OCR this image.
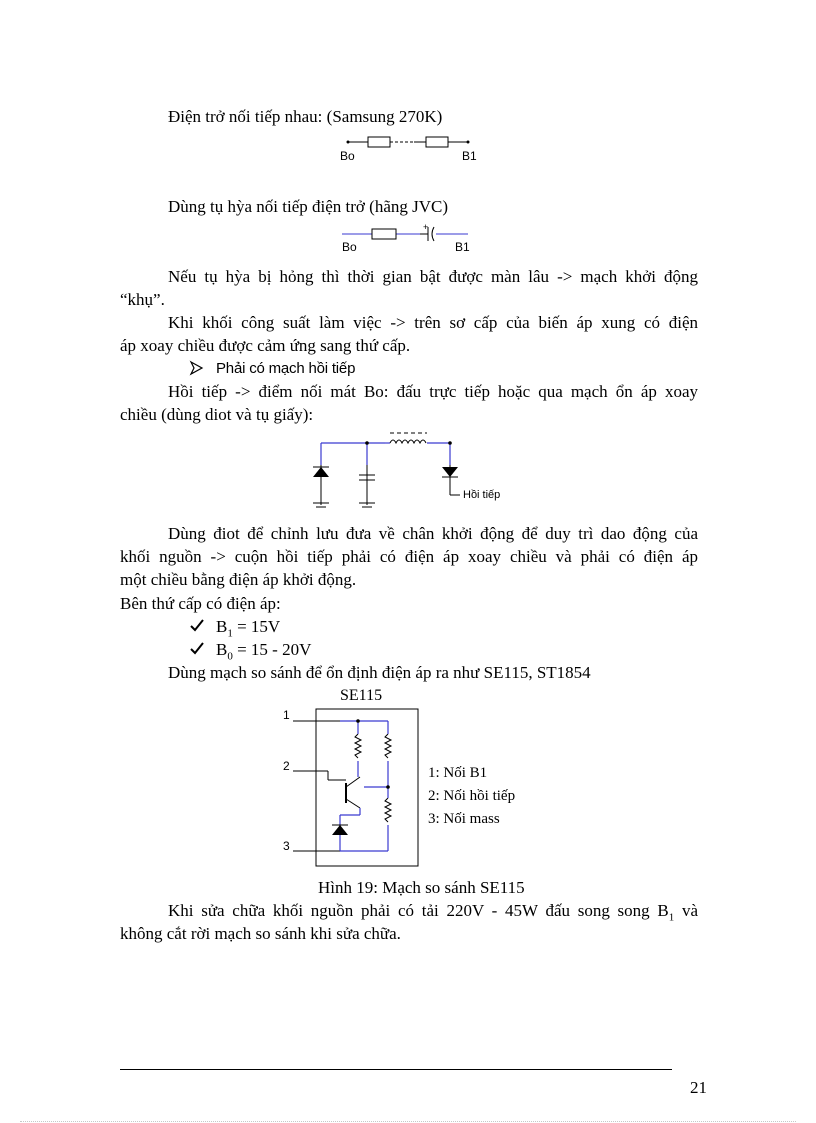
Điện trở nối tiếp nhau: (Samsung 270K)
Bo	B1
Dùng tụ hỳa nối tiếp điện trở (hãng JVC)
+
Bo	B1
Nếu tụ hỳa bị hỏng thì thời gian bật được màn lâu -> mạch khởi động
“khụ”.
Khi khối công suất làm việc -> trên sơ cấp của biến áp xung có điện
áp xoay chiều được cảm ứng sang thứ cấp.
Phải có mạch hồi tiếp
Hồi tiếp -> điểm nối mát Bo: đấu trực tiếp hoặc qua mạch ổn áp xoay
chiều (dùng diot và tụ giấy):
Hồi tiếp
Dùng điot để chỉnh lưu đưa về chân khởi động để duy trì dao động của
khối nguồn -> cuộn hồi tiếp phải có điện áp xoay chiều và phải có điện áp
một chiều bằng điện áp khởi động.
Bên thứ cấp có điện áp:
$B_1 = 15V$
$B_0 = 15 - 20V$
Dùng mạch so sánh để ổn định điện áp ra như SE115, ST1854
SE115
1
2
3
1: Nối B1
2: Nối hồi tiếp
3: Nối mass
Hình 19: Mạch so sánh SE115
Khi sửa chữa khối nguồn phải có tải 220V - 45W đấu song song $B_1$ và
không cắt rời mạch so sánh khi sửa chữa.
21
